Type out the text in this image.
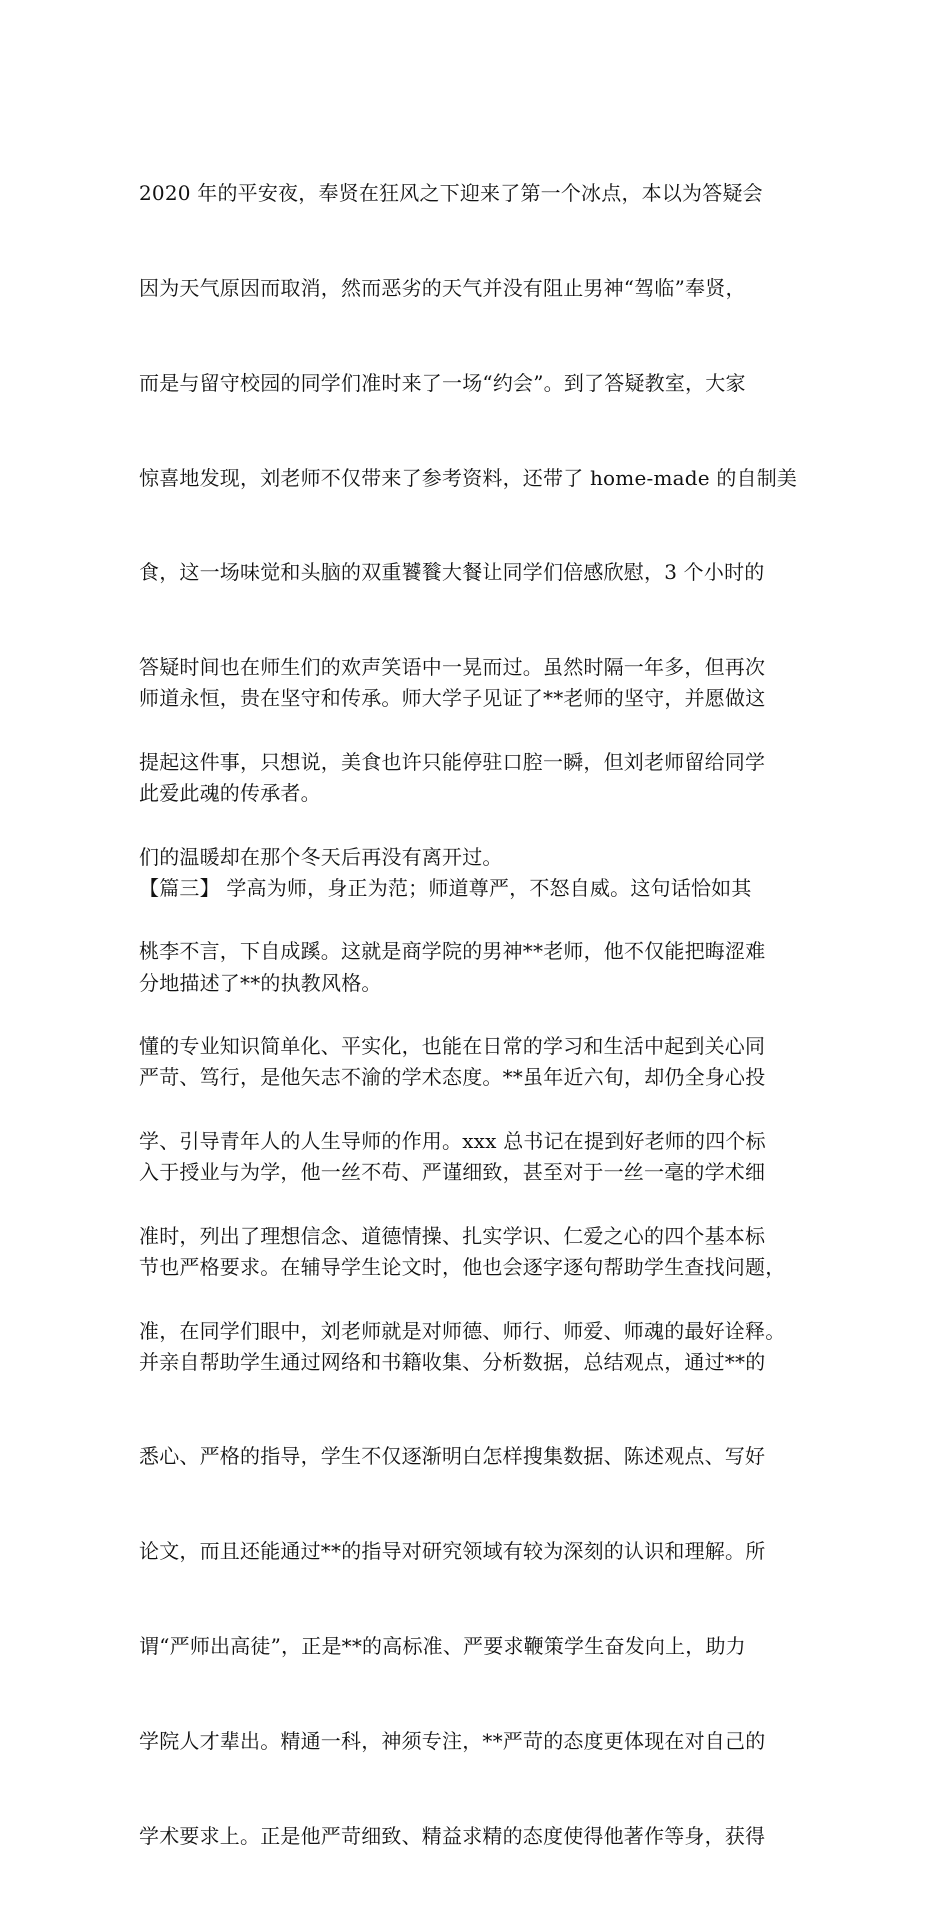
2020 年的平安夜，奉贤在狂风之下迎来了第一个冰点，本以为答疑会

因为天气原因而取消，然而恶劣的天气并没有阻止男神“驾临”奉贤，

而是与留守校园的同学们准时来了一场“约会”。到了答疑教室，大家

惊喜地发现，刘老师不仅带来了参考资料，还带了 home-made 的自制美

食，这一场味觉和头脑的双重饕餮大餐让同学们倍感欣慰，3 个小时的

答疑时间也在师生们的欢声笑语中一晃而过。虽然时隔一年多，但再次

提起这件事，只想说，美食也许只能停驻口腔一瞬，但刘老师留给同学

们的温暖却在那个冬天后再没有离开过。

桃李不言，下自成蹊。这就是商学院的男神**老师，他不仅能把晦涩难

懂的专业知识简单化、平实化，也能在日常的学习和生活中起到关心同

学、引导青年人的人生导师的作用。xxx 总书记在提到好老师的四个标

准时，列出了理想信念、道德情操、扎实学识、仁爱之心的四个基本标

准，在同学们眼中，刘老师就是对师德、师行、师爱、师魂的最好诠释。

师道永恒，贵在坚守和传承。师大学子见证了**老师的坚守，并愿做这

此爱此魂的传承者。

【篇三】 学高为师，身正为范；师道尊严，不怒自威。这句话恰如其

分地描述了**的执教风格。

严苛、笃行，是他矢志不渝的学术态度。**虽年近六旬，却仍全身心投

入于授业与为学，他一丝不苟、严谨细致，甚至对于一丝一毫的学术细

节也严格要求。在辅导学生论文时，他也会逐字逐句帮助学生查找问题，

并亲自帮助学生通过网络和书籍收集、分析数据，总结观点，通过**的

悉心、严格的指导，学生不仅逐渐明白怎样搜集数据、陈述观点、写好

论文，而且还能通过**的指导对研究领域有较为深刻的认识和理解。所

谓“严师出高徒”，正是**的高标准、严要求鞭策学生奋发向上，助力

学院人才辈出。精通一科，神须专注，**严苛的态度更体现在对自己的

学术要求上。正是他严苛细致、精益求精的态度使得他著作等身，获得
